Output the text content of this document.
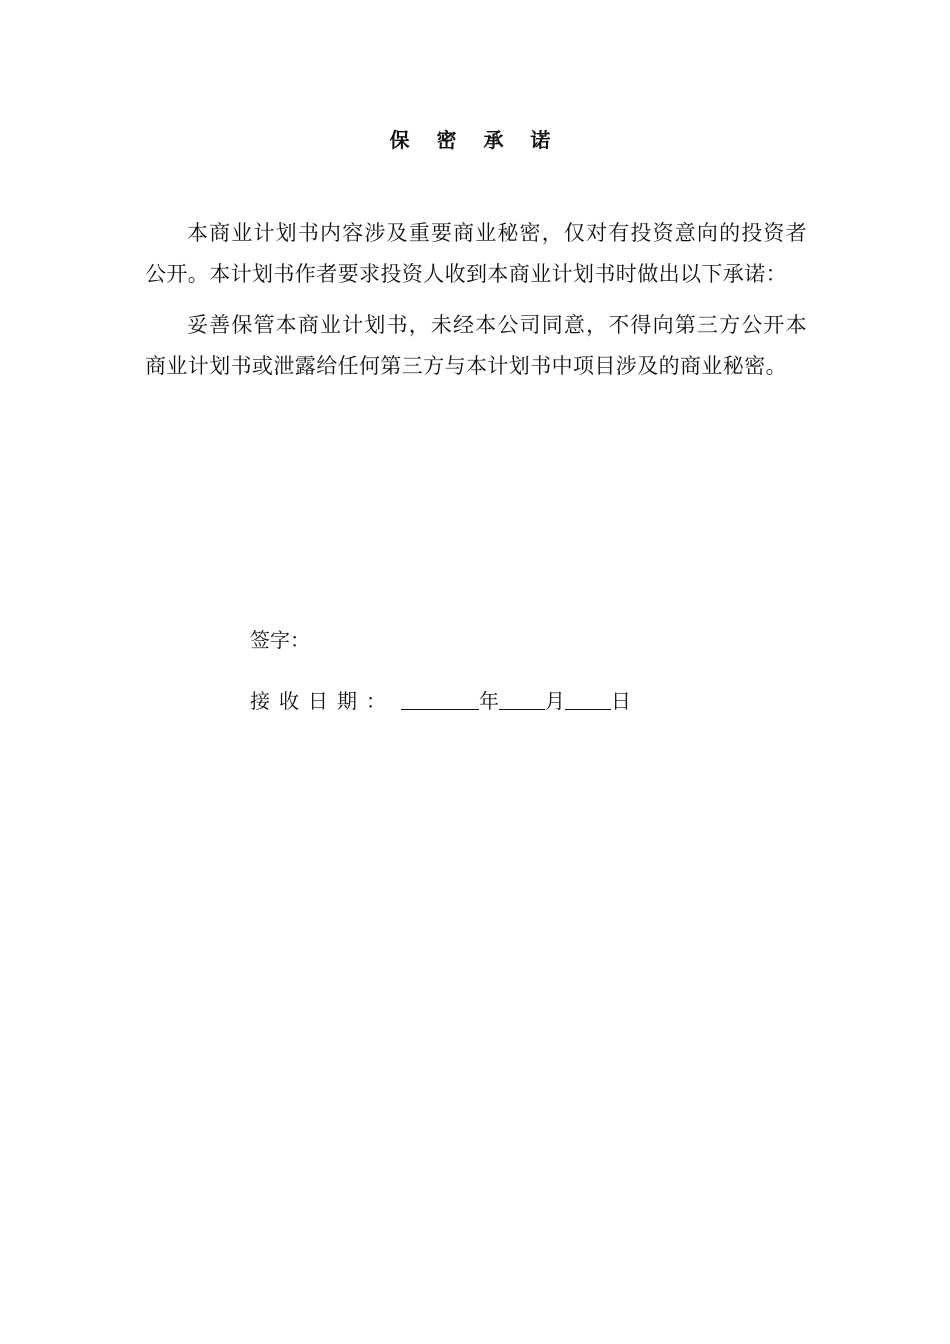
保 密 承 诺

本商业计划书内容涉及重要商业秘密，仅对有投资意向的投资者公开。本计划书作者要求投资人收到本商业计划书时做出以下承诺：

妥善保管本商业计划书，未经本公司同意，不得向第三方公开本商业计划书或泄露给任何第三方与本计划书中项目涉及的商业秘密。

签字：
接收日期：	年 月 日
